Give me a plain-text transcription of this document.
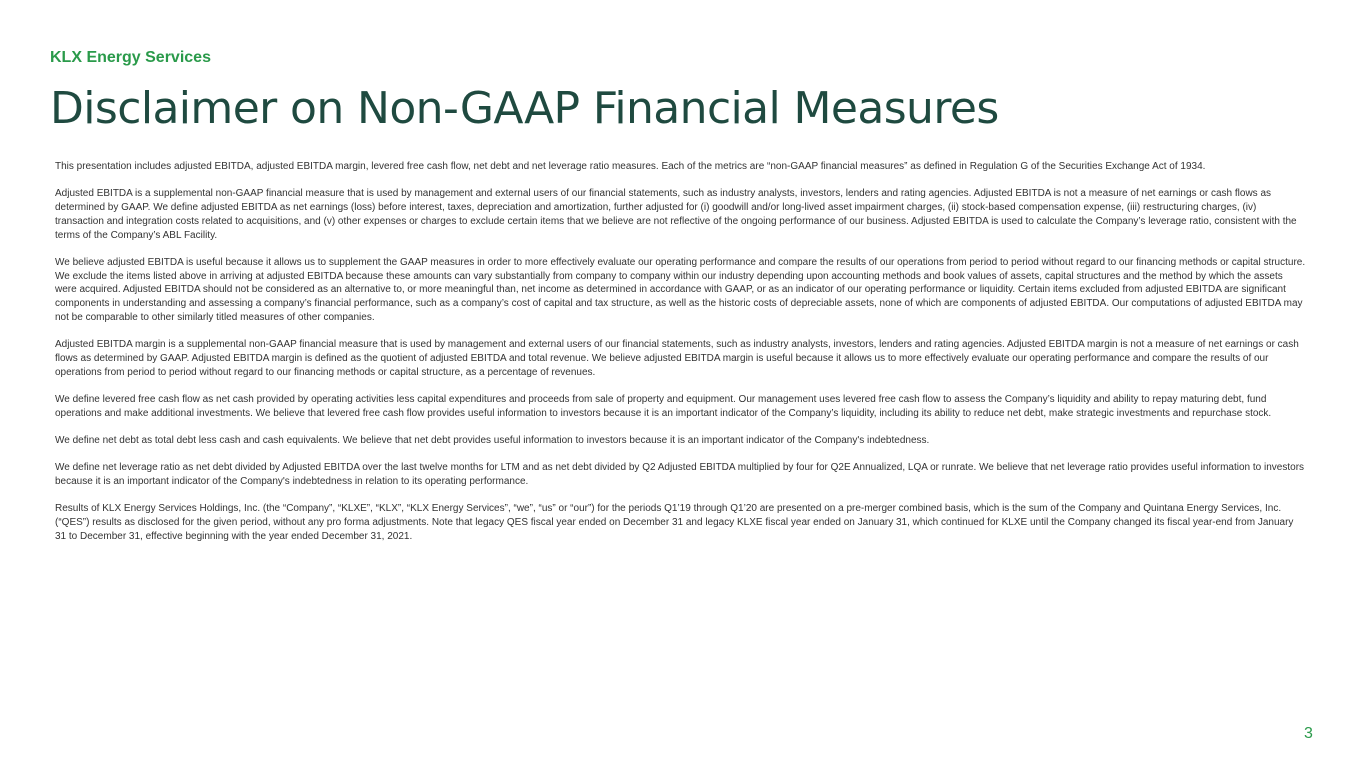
KLX Energy Services
Disclaimer on Non-GAAP Financial Measures

This presentation includes adjusted EBITDA, adjusted EBITDA margin, levered free cash flow, net debt and net leverage ratio measures. Each of the metrics are “non-GAAP financial measures” as defined in Regulation G of the Securities Exchange Act of 1934.

Adjusted EBITDA is a supplemental non-GAAP financial measure that is used by management and external users of our financial statements, such as industry analysts, investors, lenders and rating agencies. Adjusted EBITDA is not a measure of net earnings or cash flows as determined by GAAP. We define adjusted EBITDA as net earnings (loss) before interest, taxes, depreciation and amortization, further adjusted for (i) goodwill and/or long-lived asset impairment charges, (ii) stock-based compensation expense, (iii) restructuring charges, (iv) transaction and integration costs related to acquisitions, and (v) other expenses or charges to exclude certain items that we believe are not reflective of the ongoing performance of our business. Adjusted EBITDA is used to calculate the Company’s leverage ratio, consistent with the terms of the Company’s ABL Facility.

We believe adjusted EBITDA is useful because it allows us to supplement the GAAP measures in order to more effectively evaluate our operating performance and compare the results of our operations from period to period without regard to our financing methods or capital structure. We exclude the items listed above in arriving at adjusted EBITDA because these amounts can vary substantially from company to company within our industry depending upon accounting methods and book values of assets, capital structures and the method by which the assets were acquired. Adjusted EBITDA should not be considered as an alternative to, or more meaningful than, net income as determined in accordance with GAAP, or as an indicator of our operating performance or liquidity. Certain items excluded from adjusted EBITDA are significant components in understanding and assessing a company’s financial performance, such as a company’s cost of capital and tax structure, as well as the historic costs of depreciable assets, none of which are components of adjusted EBITDA. Our computations of adjusted EBITDA may not be comparable to other similarly titled measures of other companies.

Adjusted EBITDA margin is a supplemental non-GAAP financial measure that is used by management and external users of our financial statements, such as industry analysts, investors, lenders and rating agencies. Adjusted EBITDA margin is not a measure of net earnings or cash flows as determined by GAAP. Adjusted EBITDA margin is defined as the quotient of adjusted EBITDA and total revenue. We believe adjusted EBITDA margin is useful because it allows us to more effectively evaluate our operating performance and compare the results of our operations from period to period without regard to our financing methods or capital structure, as a percentage of revenues.

We define levered free cash flow as net cash provided by operating activities less capital expenditures and proceeds from sale of property and equipment. Our management uses levered free cash flow to assess the Company’s liquidity and ability to repay maturing debt, fund operations and make additional investments. We believe that levered free cash flow provides useful information to investors because it is an important indicator of the Company’s liquidity, including its ability to reduce net debt, make strategic investments and repurchase stock.

We define net debt as total debt less cash and cash equivalents. We believe that net debt provides useful information to investors because it is an important indicator of the Company's indebtedness.

We define net leverage ratio as net debt divided by Adjusted EBITDA over the last twelve months for LTM and as net debt divided by Q2 Adjusted EBITDA multiplied by four for Q2E Annualized, LQA or runrate. We believe that net leverage ratio provides useful information to investors because it is an important indicator of the Company's indebtedness in relation to its operating performance.

Results of KLX Energy Services Holdings, Inc. (the “Company”, “KLXE”, “KLX”, “KLX Energy Services”, “we”, “us” or “our”) for the periods Q1’19 through Q1’20 are presented on a pre-merger combined basis, which is the sum of the Company and Quintana Energy Services, Inc. (“QES”) results as disclosed for the given period, without any pro forma adjustments. Note that legacy QES fiscal year ended on December 31 and legacy KLXE fiscal year ended on January 31, which continued for KLXE until the Company changed its fiscal year-end from January 31 to December 31, effective beginning with the year ended December 31, 2021.

3
